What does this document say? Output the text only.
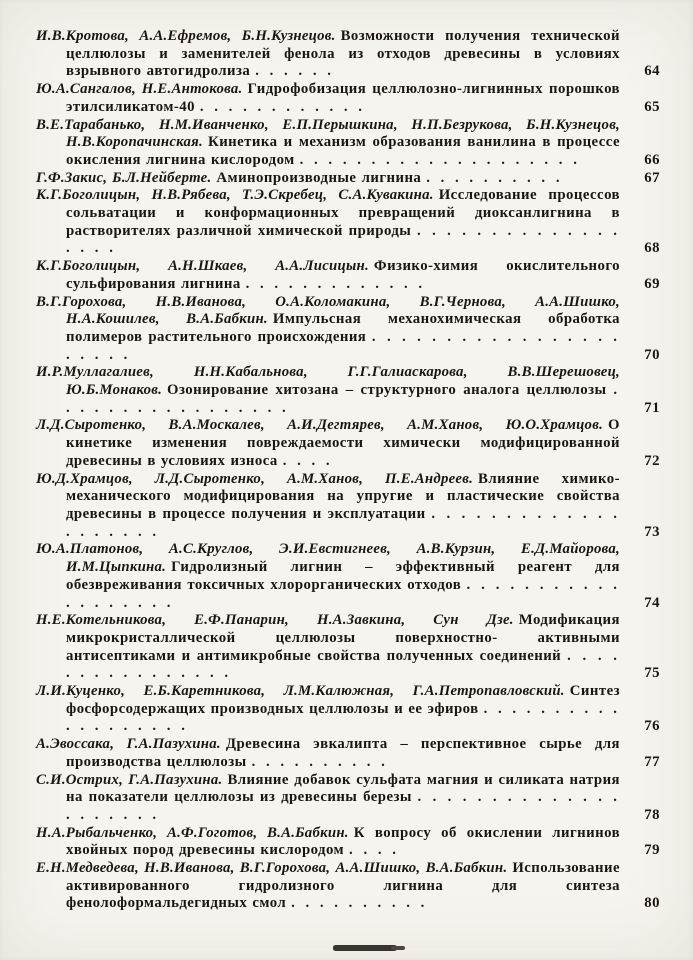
И.В.Кротова, А.А.Ефремов, Б.Н.Кузнецов. Возможности получения технической целлюлозы и заменителей фенола из отходов древесины в условиях взрывного автогидролиза . . . . . .	64
Ю.А.Сангалов, Н.Е.Антокова. Гидрофобизация целлюлозно-лигнинных порошков этилсиликатом-40 . . . . . . . . . . . .	65
В.Е.Тарабанько, Н.М.Иванченко, Е.П.Перышкина, Н.П.Безрукова, Б.Н.Кузнецов, Н.В.Коропачинская. Кинетика и механизм образования ванилина в процессе окисления лигнина кислородом . . . . . . . . . . . . . . . . . . . .	66
Г.Ф.Закис, Б.Л.Нейберте. Аминопроизводные лигнина . . . . . . . . . .	67
К.Г.Боголицын, Н.В.Рябева, Т.Э.Скребец, С.А.Кувакина. Исследование процессов сольватации и конформационных превращений диоксанлигнина в растворителях различной химической природы . . . . . . . . . . . . . . . . . .	68
К.Г.Боголицын, А.Н.Шкаев, А.А.Лисицын. Физико-химия окислительного сульфирования лигнина . . . . . . . . . . . . .	69
В.Г.Горохова, Н.В.Иванова, О.А.Коломакина, В.Г.Чернова, А.А.Шишко, Н.А.Кошилев, В.А.Бабкин. Импульсная механохимическая обработка полимеров растительного происхождения . . . . . . . . . . . . . . . . . . . . . .	70
И.Р.Муллагалиев, Н.Н.Кабальнова, Г.Г.Галиаскарова, В.В.Шерешовец, Ю.Б.Монаков. Озонирование хитозана – структурного аналога целлюлозы . . . . . . . . . . . . . . . . .	71
Л.Д.Сыротенко, В.А.Москалев, А.И.Дегтярев, А.М.Ханов, Ю.О.Храмцов. О кинетике изменения повреждаемости химически модифицированной древесины в условиях износа . . . .	72
Ю.Д.Храмцов, Л.Д.Сыротенко, А.М.Ханов, П.Е.Андреев. Влияние химико-механического модифицирования на упругие и пластические свойства древесины в процессе получения и эксплуатации . . . . . . . . . . . . . . . . . . . .	73
Ю.А.Платонов, А.С.Круглов, Э.И.Евстигнеев, А.В.Курзин, Е.Д.Майорова, И.М.Цыпкина. Гидролизный лигнин – эффективный реагент для обезвреживания токсичных хлорорганических отходов . . . . . . . . . . . . . . . . . . .	74
Н.Е.Котельникова, Е.Ф.Панарин, Н.А.Завкина, Сун Дзе. Модификация микрокристаллической целлюлозы поверхностно- активными антисептиками и антимикробные свойства полученных соединений . . . . . . . . . . . . . . . .	75
Л.И.Куценко, Е.Б.Каретникова, Л.М.Калюжная, Г.А.Петропавловский. Синтез фосфорсодержащих производных целлюлозы и ее эфиров . . . . . . . . . . . . . . . . . . .	76
А.Эвоссака, Г.А.Пазухина. Древесина эвкалипта – перспективное сырье для производства целлюлозы . . . . . . . . . .	77
С.И.Острих, Г.А.Пазухина. Влияние добавок сульфата магния и силиката натрия на показатели целлюлозы из древесины березы . . . . . . . . . . . . . . . . . . . . .	78
Н.А.Рыбальченко, А.Ф.Гоготов, В.А.Бабкин. К вопросу об окислении лигнинов хвойных пород древесины кислородом . . . .	79
Е.Н.Медведева, Н.В.Иванова, В.Г.Горохова, А.А.Шишко, В.А.Бабкин. Использование активированного гидролизного лигнина для синтеза фенолоформальдегидных смол . . . . . . . . . .	80
